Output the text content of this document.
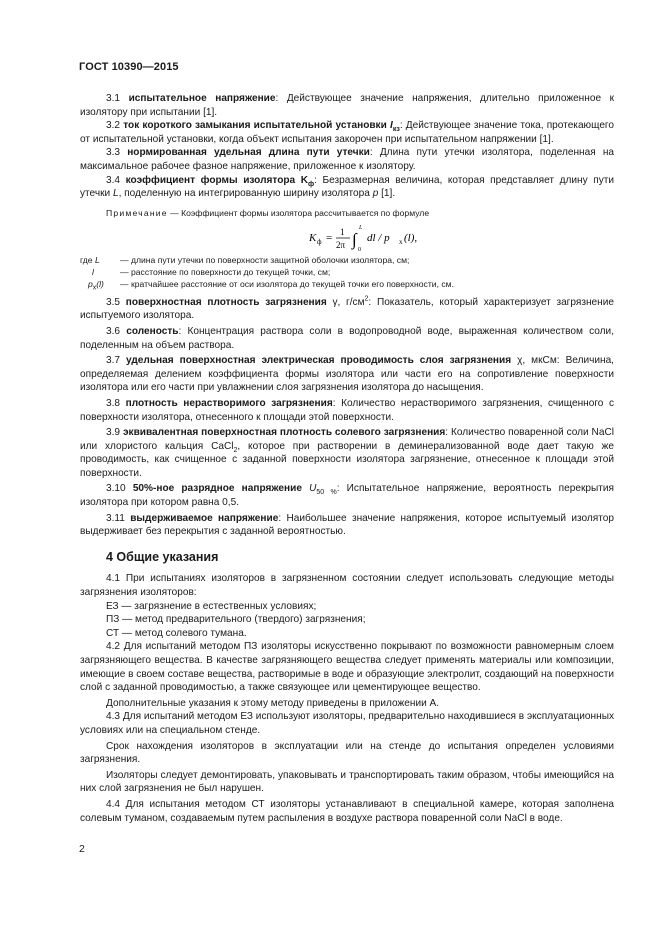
ГОСТ 10390—2015

3.1 испытательное напряжение: Действующее значение напряжения, длительно приложенное к изолятору при испытании [1].

3.2 ток короткого замыкания испытательной установки $I_{кз}$: Действующее значение тока, протекающего от испытательной установки, когда объект испытания закорочен при испытательном напряжении [1].

3.3 нормированная удельная длина пути утечки: Длина пути утечки изолятора, поделенная на максимальное рабочее фазное напряжение, приложенное к изолятору.

3.4 коэффициент формы изолятора $K_ф$: Безразмерная величина, которая представляет длину пути утечки L, поделенную на интегрированную ширину изолятора p [1].

Примечание — Коэффициент формы изолятора рассчитывается по формуле

K ф = 1
2π ∫
L
0
dl / p x (l),
где L	— длина пути утечки по поверхности защитной оболочки изолятора, см;
l	— расстояние по поверхности до текущей точки, см;
$p_x(l)$	— кратчайшее расстояние от оси изолятора до текущей точки его поверхности, см.

3.5 поверхностная плотность загрязнения γ, $г/см^2$: Показатель, который характеризует загрязнение испытуемого изолятора.

3.6 соленость: Концентрация раствора соли в водопроводной воде, выраженная количеством соли, поделенным на объем раствора.

3.7 удельная поверхностная электрическая проводимость слоя загрязнения χ, мкСм: Величина, определяемая делением коэффициента формы изолятора или части его на сопротивление поверхности изолятора или его части при увлажнении слоя загрязнения изолятора до насыщения.

3.8 плотность нерастворимого загрязнения: Количество нерастворимого загрязнения, счищенного с поверхности изолятора, отнесенного к площади этой поверхности.

3.9 эквивалентная поверхностная плотность солевого загрязнения: Количество поваренной соли NaCl или хлористого кальция CaCl$_2$, которое при растворении в деминерализованной воде дает такую же проводимость, как счищенное с заданной поверхности изолятора загрязнение, отнесенное к площади этой поверхности.

3.10 50%-ное разрядное напряжение $U_{50 \%}$: Испытательное напряжение, вероятность перекрытия изолятора при котором равна 0,5.

3.11 выдерживаемое напряжение: Наибольшее значение напряжения, которое испытуемый изолятор выдерживает без перекрытия с заданной вероятностью.

4 Общие указания

4.1 При испытаниях изоляторов в загрязненном состоянии следует использовать следующие методы загрязнения изоляторов:

ЕЗ — загрязнение в естественных условиях;

ПЗ — метод предварительного (твердого) загрязнения;

СТ — метод солевого тумана.

4.2 Для испытаний методом ПЗ изоляторы искусственно покрывают по возможности равномерным слоем загрязняющего вещества. В качестве загрязняющего вещества следует применять материалы или композиции, имеющие в своем составе вещества, растворимые в воде и образующие электролит, создающий на поверхности слой с заданной проводимостью, а также связующее или цементирующее вещество.

Дополнительные указания к этому методу приведены в приложении А.

4.3 Для испытаний методом ЕЗ используют изоляторы, предварительно находившиеся в эксплуатационных условиях или на специальном стенде.

Срок нахождения изоляторов в эксплуатации или на стенде до испытания определен условиями загрязнения.

Изоляторы следует демонтировать, упаковывать и транспортировать таким образом, чтобы имеющийся на них слой загрязнения не был нарушен.

4.4 Для испытания методом СТ изоляторы устанавливают в специальной камере, которая заполнена солевым туманом, создаваемым путем распыления в воздухе раствора поваренной соли NaCl в воде.

2
